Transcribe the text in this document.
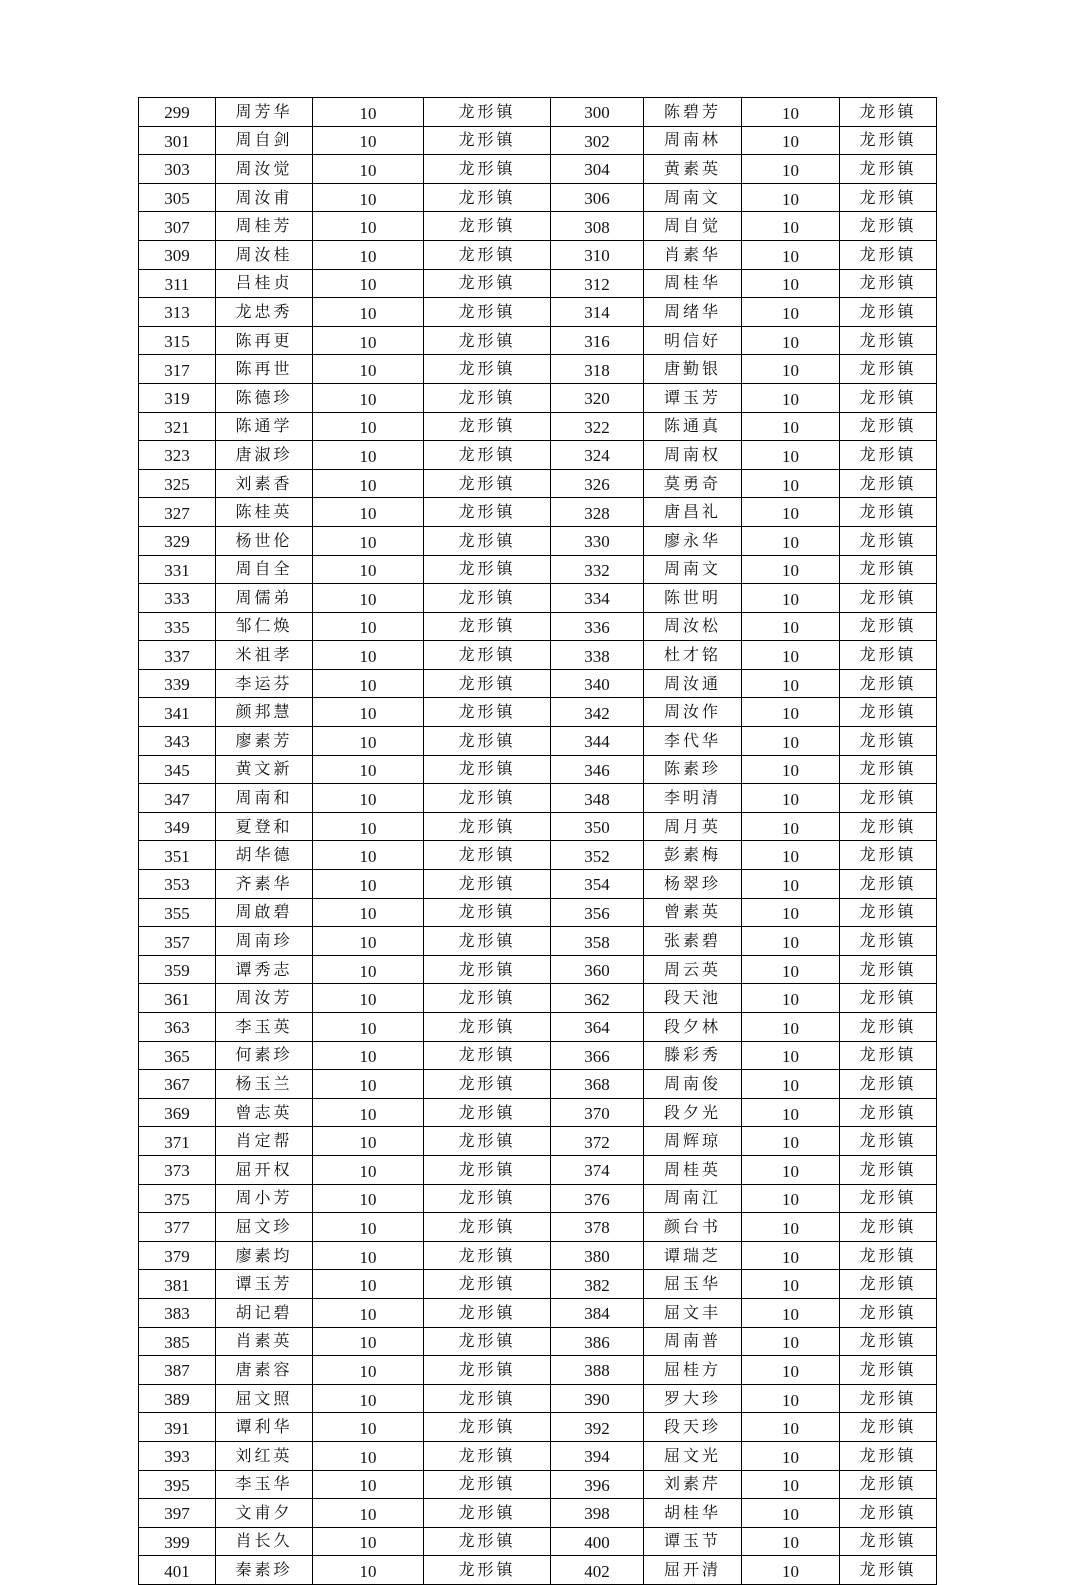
299	周芳华	10	龙形镇	300	陈碧芳	10	龙形镇
301	周自剑	10	龙形镇	302	周南林	10	龙形镇
303	周汝觉	10	龙形镇	304	黄素英	10	龙形镇
305	周汝甫	10	龙形镇	306	周南文	10	龙形镇
307	周桂芳	10	龙形镇	308	周自觉	10	龙形镇
309	周汝桂	10	龙形镇	310	肖素华	10	龙形镇
311	吕桂贞	10	龙形镇	312	周桂华	10	龙形镇
313	龙忠秀	10	龙形镇	314	周绪华	10	龙形镇
315	陈再更	10	龙形镇	316	明信好	10	龙形镇
317	陈再世	10	龙形镇	318	唐勤银	10	龙形镇
319	陈德珍	10	龙形镇	320	谭玉芳	10	龙形镇
321	陈通学	10	龙形镇	322	陈通真	10	龙形镇
323	唐淑珍	10	龙形镇	324	周南权	10	龙形镇
325	刘素香	10	龙形镇	326	莫勇奇	10	龙形镇
327	陈桂英	10	龙形镇	328	唐昌礼	10	龙形镇
329	杨世伦	10	龙形镇	330	廖永华	10	龙形镇
331	周自全	10	龙形镇	332	周南文	10	龙形镇
333	周儒弟	10	龙形镇	334	陈世明	10	龙形镇
335	邹仁焕	10	龙形镇	336	周汝松	10	龙形镇
337	米祖孝	10	龙形镇	338	杜才铭	10	龙形镇
339	李运芬	10	龙形镇	340	周汝通	10	龙形镇
341	颜邦慧	10	龙形镇	342	周汝作	10	龙形镇
343	廖素芳	10	龙形镇	344	李代华	10	龙形镇
345	黄文新	10	龙形镇	346	陈素珍	10	龙形镇
347	周南和	10	龙形镇	348	李明清	10	龙形镇
349	夏登和	10	龙形镇	350	周月英	10	龙形镇
351	胡华德	10	龙形镇	352	彭素梅	10	龙形镇
353	齐素华	10	龙形镇	354	杨翠珍	10	龙形镇
355	周啟碧	10	龙形镇	356	曾素英	10	龙形镇
357	周南珍	10	龙形镇	358	张素碧	10	龙形镇
359	谭秀志	10	龙形镇	360	周云英	10	龙形镇
361	周汝芳	10	龙形镇	362	段天池	10	龙形镇
363	李玉英	10	龙形镇	364	段夕林	10	龙形镇
365	何素珍	10	龙形镇	366	滕彩秀	10	龙形镇
367	杨玉兰	10	龙形镇	368	周南俊	10	龙形镇
369	曾志英	10	龙形镇	370	段夕光	10	龙形镇
371	肖定帮	10	龙形镇	372	周辉琼	10	龙形镇
373	屈开权	10	龙形镇	374	周桂英	10	龙形镇
375	周小芳	10	龙形镇	376	周南江	10	龙形镇
377	屈文珍	10	龙形镇	378	颜台书	10	龙形镇
379	廖素均	10	龙形镇	380	谭瑞芝	10	龙形镇
381	谭玉芳	10	龙形镇	382	屈玉华	10	龙形镇
383	胡记碧	10	龙形镇	384	屈文丰	10	龙形镇
385	肖素英	10	龙形镇	386	周南普	10	龙形镇
387	唐素容	10	龙形镇	388	屈桂方	10	龙形镇
389	屈文照	10	龙形镇	390	罗大珍	10	龙形镇
391	谭利华	10	龙形镇	392	段天珍	10	龙形镇
393	刘红英	10	龙形镇	394	屈文光	10	龙形镇
395	李玉华	10	龙形镇	396	刘素芹	10	龙形镇
397	文甫夕	10	龙形镇	398	胡桂华	10	龙形镇
399	肖长久	10	龙形镇	400	谭玉节	10	龙形镇
401	秦素珍	10	龙形镇	402	屈开清	10	龙形镇
